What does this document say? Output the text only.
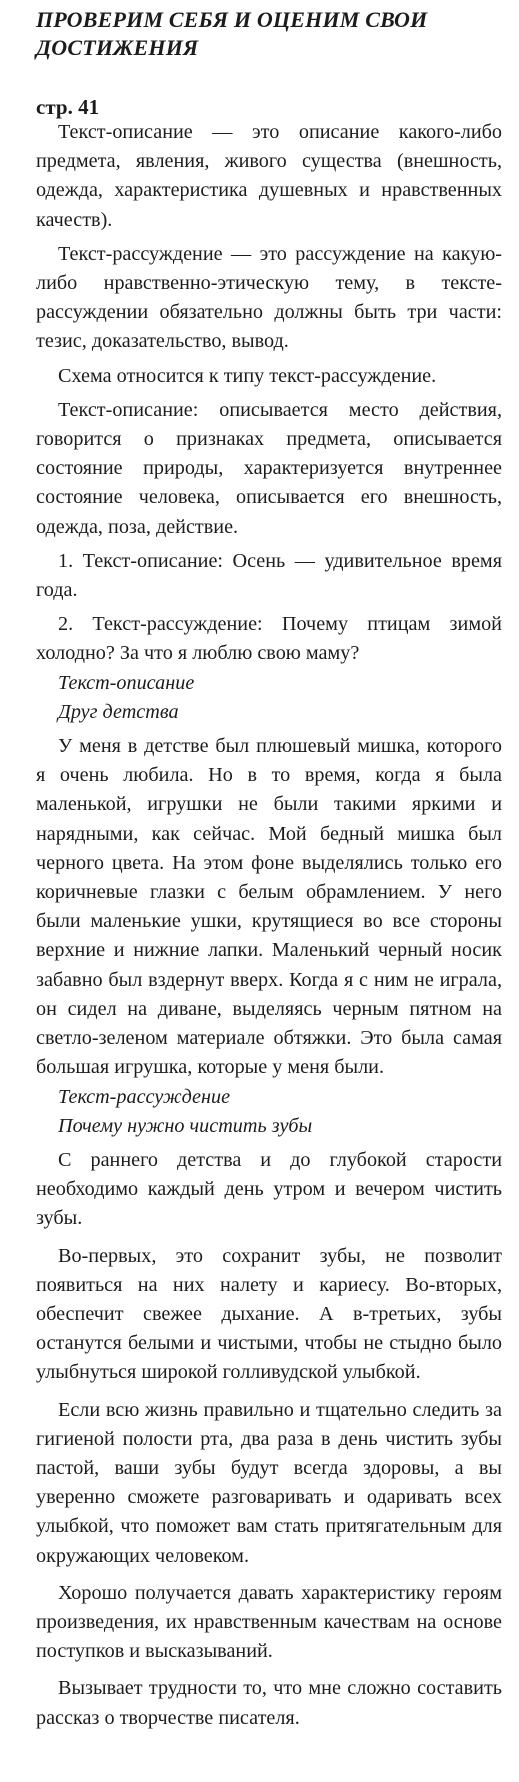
ПРОВЕРИМ СЕБЯ И ОЦЕНИМ СВОИ ДОСТИЖЕНИЯ
стр. 41

Текст-описание — это описание какого-либо предмета, явления, живого существа (внешность, одежда, характеристика душевных и нравственных качеств).

Текст-рассуждение — это рассуждение на какую-либо нравственно-этическую тему, в тексте-рассуждении обязательно должны быть три части: тезис, доказательство, вывод.

Схема относится к типу текст-рассуждение.

Текст-описание: описывается место действия, говорится о признаках предмета, описывается состояние природы, характеризуется внутреннее состояние человека, описывается его внешность, одежда, поза, действие.

1. Текст-описание: Осень — удивительное время года.

2. Текст-рассуждение: Почему птицам зимой холодно? За что я люблю свою маму?

Текст-описание

Друг детства

У меня в детстве был плюшевый мишка, которого я очень любила. Но в то время, когда я была маленькой, игрушки не были такими яркими и нарядными, как сейчас. Мой бедный мишка был черного цвета. На этом фоне выделялись только его коричневые глазки с белым обрамлением. У него были маленькие ушки, крутящиеся во все стороны верхние и нижние лапки. Маленький черный носик забавно был вздернут вверх. Когда я с ним не играла, он сидел на диване, выделяясь черным пятном на светло-зеленом материале обтяжки. Это была самая большая игрушка, которые у меня были.

Текст-рассуждение

Почему нужно чистить зубы

С раннего детства и до глубокой старости необходимо каждый день утром и вечером чистить зубы.

Во-первых, это сохранит зубы, не позволит появиться на них налету и кариесу. Во-вторых, обеспечит свежее дыхание. А в-третьих, зубы останутся белыми и чистыми, чтобы не стыдно было улыбнуться широкой голливудской улыбкой.

Если всю жизнь правильно и тщательно следить за гигиеной полости рта, два раза в день чистить зубы пастой, ваши зубы будут всегда здоровы, а вы уверенно сможете разговаривать и одаривать всех улыбкой, что поможет вам стать притягательным для окружающих человеком.

Хорошо получается давать характеристику героям произведения, их нравственным качествам на основе поступков и высказываний.

Вызывает трудности то, что мне сложно составить рассказ о творчестве писателя.
